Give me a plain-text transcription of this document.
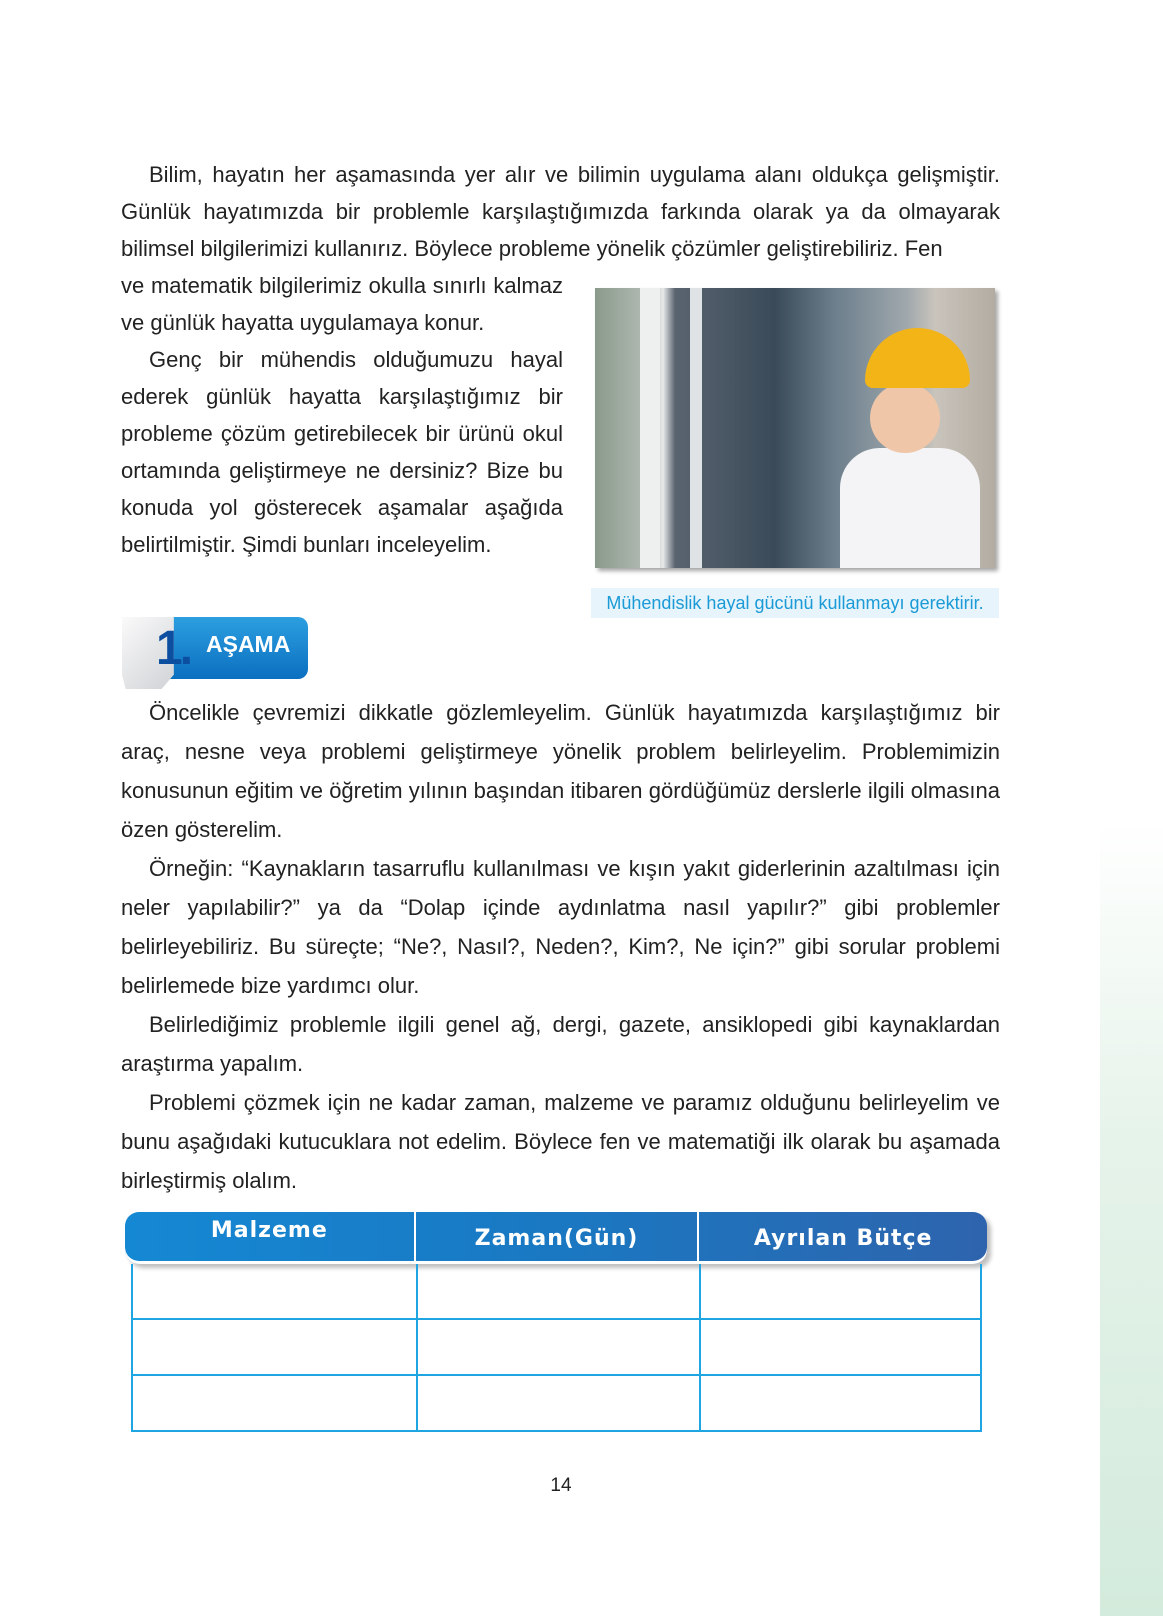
Bilim, hayatın her aşamasında yer alır ve bilimin uygulama alanı oldukça gelişmiştir. Günlük hayatımızda bir problemle karşılaştığımızda farkında olarak ya da olmayarak bilimsel bilgilerimizi kullanırız. Böylece probleme yönelik çözümler geliştirebiliriz. Fen

ve matematik bilgilerimiz okulla sınırlı kalmaz ve günlük hayatta uygulamaya konur.

Genç bir mühendis olduğumuzu hayal ederek günlük hayatta karşılaştığımız bir probleme çözüm getirebilecek bir ürünü okul ortamında geliştirmeye ne dersiniz? Bize bu konuda yol gösterecek aşamalar aşağıda belirtilmiştir. Şimdi bunları inceleyelim.

Mühendislik hayal gücünü kullanmayı gerektirir.
1. AŞAMA

Öncelikle çevremizi dikkatle gözlemleyelim. Günlük hayatımızda karşılaştığımız bir araç, nesne veya problemi geliştirmeye yönelik problem belirleyelim. Problemimizin konusunun eğitim ve öğretim yılının başından itibaren gördüğümüz derslerle ilgili olmasına özen gösterelim.

Örneğin: “Kaynakların tasarruflu kullanılması ve kışın yakıt giderlerinin azaltılması için neler yapılabilir?” ya da “Dolap içinde aydınlatma nasıl yapılır?” gibi problemler belirleyebiliriz. Bu süreçte; “Ne?, Nasıl?, Neden?, Kim?, Ne için?” gibi sorular problemi belirlemede bize yardımcı olur.

Belirlediğimiz problemle ilgili genel ağ, dergi, gazete, ansiklopedi gibi kaynaklardan araştırma yapalım.

Problemi çözmek için ne kadar zaman, malzeme ve paramız olduğunu belirleyelim ve bunu aşağıdaki kutucuklara not edelim. Böylece fen ve matematiği ilk olarak bu aşamada birleştirmiş olalım.

Malzeme	Zaman(Gün)	Ayrılan Bütçe
14
